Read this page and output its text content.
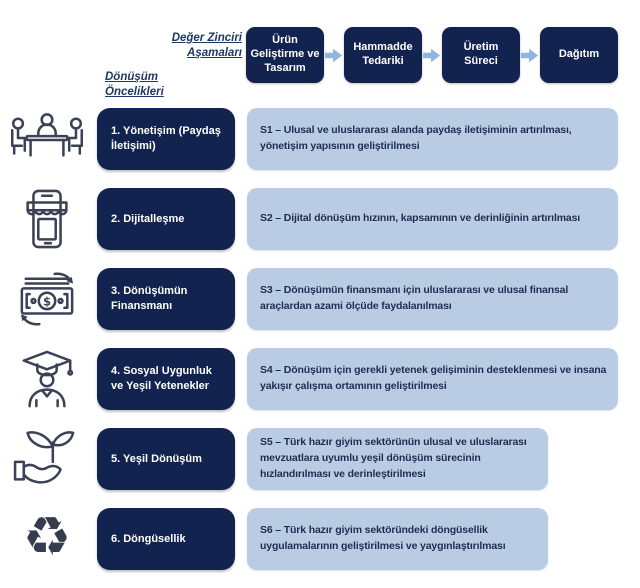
Değer Zinciri Aşamaları
Dönüşüm Öncelikleri
Ürün Geliştirme ve Tasarım
Hammadde Tedariki
Üretim Süreci
Dağıtım
1. Yönetişim (Paydaş İletişimi)
S1 – Ulusal ve uluslararası alanda paydaş iletişiminin artırılması, yönetişim yapısının geliştirilmesi
2. Dijitalleşme	S2 – Dijital dönüşüm hızının, kapsamının ve derinliğinin artırılması
$
3. Dönüşümün Finansmanı
S3 – Dönüşümün finansmanı için uluslararası ve ulusal finansal araçlardan azami ölçüde faydalanılması
4. Sosyal Uygunluk ve Yeşil Yetenekler
S4 – Dönüşüm için gerekli yetenek gelişiminin desteklenmesi ve insana yakışır çalışma ortamının geliştirilmesi
5. Yeşil Dönüşüm
S5 – Türk hazır giyim sektörünün ulusal ve uluslararası mevzuatlara uyumlu yeşil dönüşüm sürecinin hızlandırılması ve derinleştirilmesi
♻	6. Döngüsellik
S6 – Türk hazır giyim sektöründeki döngüsellik uygulamalarının geliştirilmesi ve yaygınlaştırılması
